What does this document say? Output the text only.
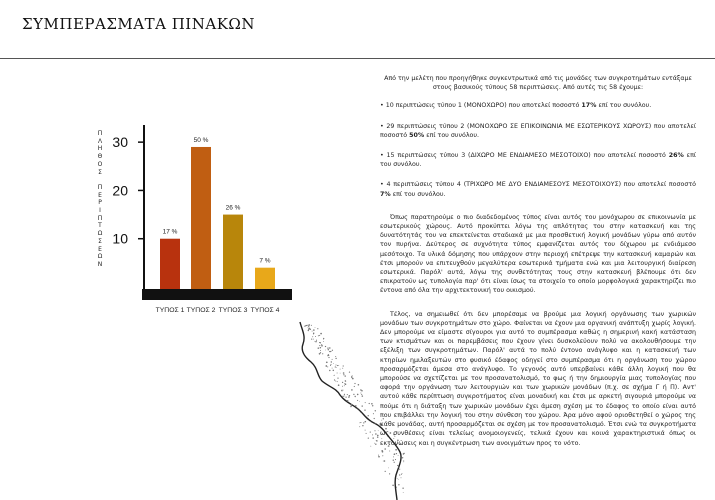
ΣΥΜΠΕΡΑΣΜΑΤΑ ΠΙΝΑΚΩΝ
Π
Λ
Η
Θ
Ο
Σ

Π
Ε
Ρ
Ι
Π
Τ
Ω
Σ
Ε
Ω
Ν

10
20
30
17 %
ΤΥΠΟΣ 1
50 %
ΤΥΠΟΣ 2
26 %
ΤΥΠΟΣ 3
7 %
ΤΥΠΟΣ 4

Από την μελέτη που προηγήθηκε συγκεντρωτικά από τις μονάδες των συγκροτημάτων εντάξαμε στους βασικούς τύπους 58 περιπτώσεις. Από αυτές τις 58 έχουμε:

• 10 περιπτώσεις τύπου 1 (ΜΟΝΟΧΩΡΟ) που αποτελεί ποσοστό 17% επί του συνόλου.

• 29 περιπτώσεις τύπου 2 (ΜΟΝΟΧΩΡΟ ΣΕ ΕΠΙΚΟΙΝΩΝΙΑ ΜΕ ΕΣΩΤΕΡΙΚΟΥΣ ΧΩΡΟΥΣ) που αποτελεί ποσοστό 50% επί του συνόλου.

• 15 περιπτώσεις τύπου 3 (ΔΙΧΩΡΟ ΜΕ ΕΝΔΙΑΜΕΣΟ ΜΕΣΟΤΟΙΧΟ) που αποτελεί ποσοστό 26% επί του συνόλου.

• 4 περιπτώσεις τύπου 4 (ΤΡΙΧΩΡΟ ΜΕ ΔΥΟ ΕΝΔΙΑΜΕΣΟΥΣ ΜΕΣΟΤΟΙΧΟΥΣ) που αποτελεί ποσοστό 7% επί του συνόλου.

Όπως παρατηρούμε ο πιο διαδεδομένος τύπος είναι αυτός του μονόχωρου σε επικοινωνία με εσωτερικούς χώρους. Αυτό προκύπτει λόγω της απλότητας του στην κατασκευή και της δυνατότητάς του να επεκτείνεται σταδιακά με μια προσθετική λογική μονάδων γύρω από αυτόν τον πυρήνα. Δεύτερος σε συχνότητα τύπος εμφανίζεται αυτός του δίχωρου με ενδιάμεσο μεσότοιχο. Τα υλικά δόμησης που υπάρχουν στην περιοχή επέτρεψε την κατασκευή καμαρών και έτσι μπορούν να επιτευχθούν μεγαλύτερα εσωτερικά τμήματα ενώ και μια λειτουργική διαίρεση εσωτερικά. Παρόλ' αυτά, λόγω της συνθετότητας τους στην κατασκευή βλέπουμε ότι δεν επικρατούν ως τυπολογία παρ' ότι είναι ίσως τα στοιχείο το οποίο μορφολογικά χαρακτηρίζει πιο έντονα από όλα την αρχιτεκτονική του οικισμού.

Τέλος, να σημειωθεί ότι δεν μπορέσαμε να βρούμε μια λογική οργάνωσης των χωρικών μονάδων των συγκροτημάτων στο χώρο. Φαίνεται να έχουν μια οργανική ανάπτυξη χωρίς λογική. Δεν μπορούμε να είμαστε σίγουροι για αυτό το συμπέρασμα καθώς η σημερινή κακή κατάσταση των κτισμάτων και οι παρεμβάσεις που έχουν γίνει δυσκολεύουν πολύ να ακολουθήσουμε την εξέλιξη των συγκροτημάτων. Παρόλ' αυτά το πολύ έντονο ανάγλυφο και η κατασκευή των κτηρίων ημιλαξευτών στο φυσικό έδαφος οδηγεί στο συμπέρασμα ότι η οργάνωση του χώρου προσαρμόζεται άμεσα στο ανάγλυφο. Το γεγονός αυτό υπερβαίνει κάθε άλλη λογική που θα μπορούσε να σχετίζεται με τον προσανατολισμό, το φως ή την δημιουργία μιας τυπολογίας που αφορά την οργάνωση των λειτουργιών και των χωρικών μονάδων (π.χ. σε σχήμα Γ ή Π). Αντ' αυτού κάθε περίπτωση συγκροτήματος είναι μοναδική και έτσι με αρκετή σιγουριά μπορούμε να πούμε ότι η διάταξη των χωρικών μονάδων έχει άμεση σχέση με το έδαφος το οποίο είναι αυτό που επιβάλλει την λογική του στην σύνθεση του χώρου. Άρα μόνο αφού οριοθετηθεί ο χώρος της κάθε μονάδας, αυτή προσαρμόζεται σε σχέση με τον προσανατολισμό. Έτσι ενώ τα συγκροτήματα ως συνθέσεις είναι τελείως ανομοιογενείς, τελικά έχουν και κοινά χαρακτηριστικά όπως οι εκτονώσεις και η συγκέντρωση των ανοιγμάτων προς το νότο.
